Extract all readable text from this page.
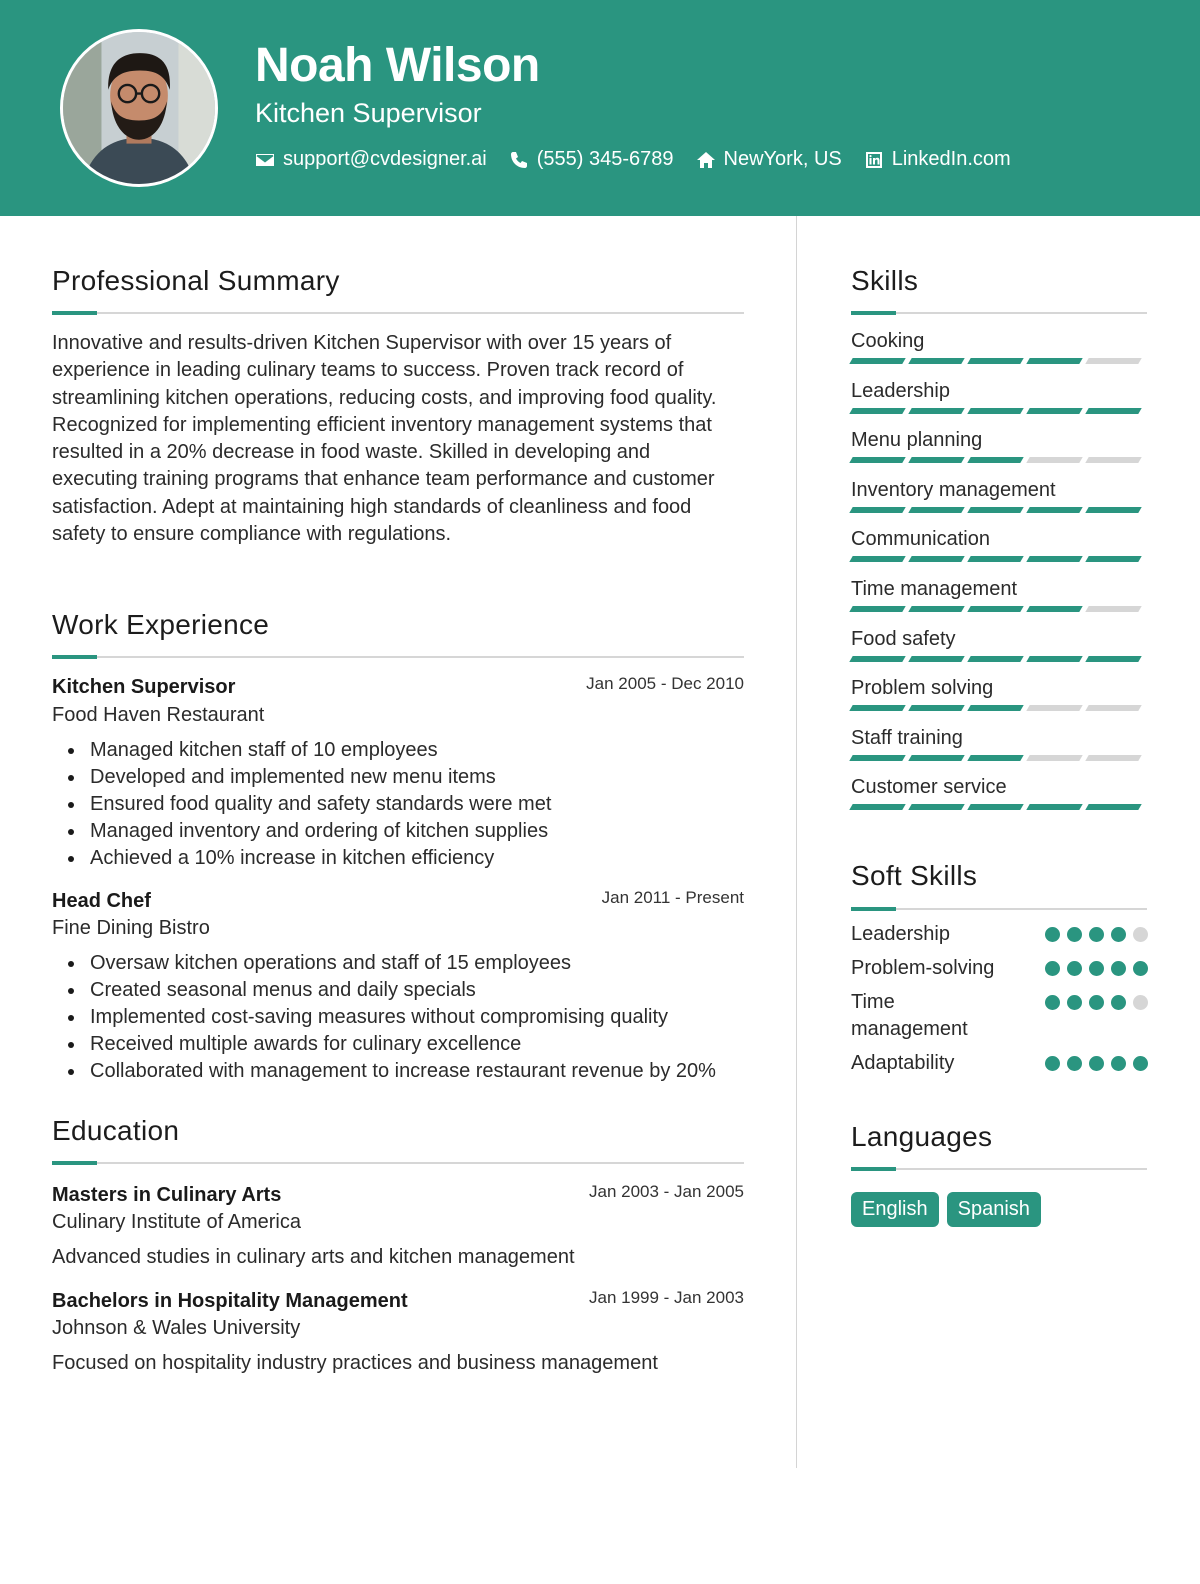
Noah Wilson
Kitchen Supervisor
support@cvdesigner.ai	(555) 345-6789	NewYork, US	LinkedIn.com
Professional Summary
Innovative and results-driven Kitchen Supervisor with over 15 years of experience in leading culinary teams to success. Proven track record of streamlining kitchen operations, reducing costs, and improving food quality. Recognized for implementing efficient inventory management systems that resulted in a 20% decrease in food waste. Skilled in developing and executing training programs that enhance team performance and customer satisfaction. Adept at maintaining high standards of cleanliness and food safety to ensure compliance with regulations.
Work Experience
Kitchen Supervisor	Jan 2005 - Dec 2010
Food Haven Restaurant
Managed kitchen staff of 10 employees
Developed and implemented new menu items
Ensured food quality and safety standards were met
Managed inventory and ordering of kitchen supplies
Achieved a 10% increase in kitchen efficiency
Head Chef	Jan 2011 - Present
Fine Dining Bistro
Oversaw kitchen operations and staff of 15 employees
Created seasonal menus and daily specials
Implemented cost-saving measures without compromising quality
Received multiple awards for culinary excellence
Collaborated with management to increase restaurant revenue by 20%
Education
Masters in Culinary Arts	Jan 2003 - Jan 2005
Culinary Institute of America
Advanced studies in culinary arts and kitchen management
Bachelors in Hospitality Management	Jan 1999 - Jan 2003
Johnson & Wales University
Focused on hospitality industry practices and business management
Skills
Cooking
Leadership
Menu planning
Inventory management
Communication
Time management
Food safety
Problem solving
Staff training
Customer service
Soft Skills
Leadership
Problem-solving
Time management
Adaptability
Languages
English	Spanish
